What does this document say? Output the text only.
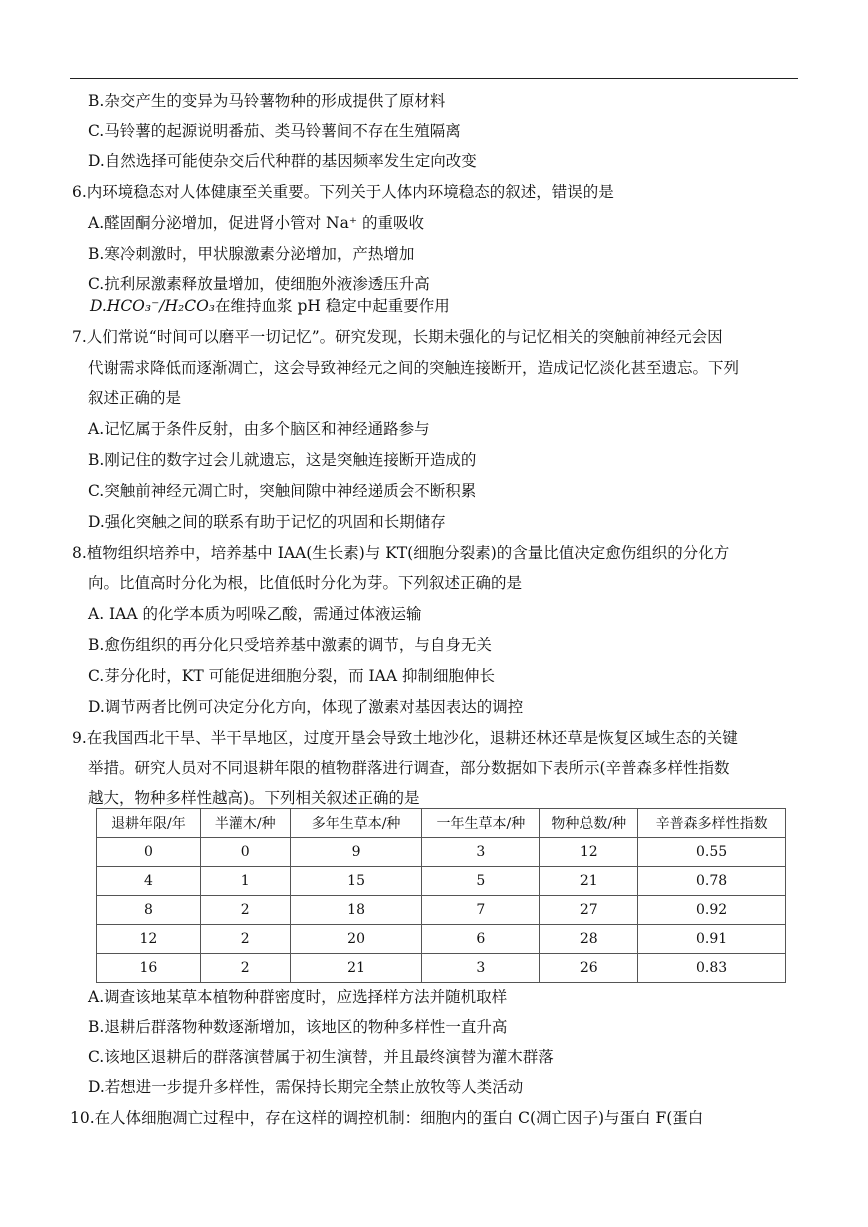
B.杂交产生的变异为马铃薯物种的形成提供了原材料
C.马铃薯的起源说明番茄、类马铃薯间不存在生殖隔离
D.自然选择可能使杂交后代种群的基因频率发生定向改变
6.内环境稳态对人体健康至关重要。下列关于人体内环境稳态的叙述，错误的是
A.醛固酮分泌增加，促进肾小管对 Na⁺ 的重吸收
B.寒冷刺激时，甲状腺激素分泌增加，产热增加
C.抗利尿激素释放量增加，使细胞外液渗透压升高
D.HCO₃⁻/H₂CO₃在维持血浆 pH 稳定中起重要作用
7.人们常说“时间可以磨平一切记忆”。研究发现，长期未强化的与记忆相关的突触前神经元会因
代谢需求降低而逐渐凋亡，这会导致神经元之间的突触连接断开，造成记忆淡化甚至遗忘。下列
叙述正确的是
A.记忆属于条件反射，由多个脑区和神经通路参与
B.刚记住的数字过会儿就遗忘，这是突触连接断开造成的
C.突触前神经元凋亡时，突触间隙中神经递质会不断积累
D.强化突触之间的联系有助于记忆的巩固和长期储存
8.植物组织培养中，培养基中 IAA(生长素)与 KT(细胞分裂素)的含量比值决定愈伤组织的分化方
向。比值高时分化为根，比值低时分化为芽。下列叙述正确的是
A. IAA 的化学本质为吲哚乙酸，需通过体液运输
B.愈伤组织的再分化只受培养基中激素的调节，与自身无关
C.芽分化时，KT 可能促进细胞分裂，而 IAA 抑制细胞伸长
D.调节两者比例可决定分化方向，体现了激素对基因表达的调控
9.在我国西北干旱、半干旱地区，过度开垦会导致土地沙化，退耕还林还草是恢复区域生态的关键
举措。研究人员对不同退耕年限的植物群落进行调查，部分数据如下表所示(辛普森多样性指数
越大，物种多样性越高)。下列相关叙述正确的是
退耕年限/年	半灌木/种	多年生草本/种	一年生草本/种	物种总数/种	辛普森多样性指数
0	0	9	3	12	0.55
4	1	15	5	21	0.78
8	2	18	7	27	0.92
12	2	20	6	28	0.91
16	2	21	3	26	0.83
A.调查该地某草本植物种群密度时，应选择样方法并随机取样
B.退耕后群落物种数逐渐增加，该地区的物种多样性一直升高
C.该地区退耕后的群落演替属于初生演替，并且最终演替为灌木群落
D.若想进一步提升多样性，需保持长期完全禁止放牧等人类活动
10.在人体细胞凋亡过程中，存在这样的调控机制：细胞内的蛋白 C(凋亡因子)与蛋白 F(蛋白
